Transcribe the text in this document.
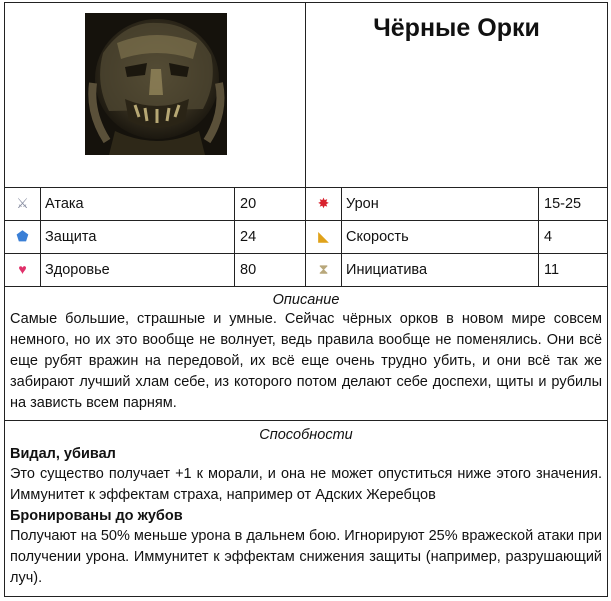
Чёрные Орки		

⚔	Атака	20	✸	Урон	15-25
⬟	Защита	24	◣	Скорость	4
♥	Здоровье	80	⧗	Инициатива	11

Описание
Самые большие, страшные и умные. Сейчас чёрных орков в новом мире совсем немного, но их это вообще не волнует, ведь правила вообще не поменялись. Они всё еще рубят вражин на передовой, их всё еще очень трудно убить, и они всё так же забирают лучший хлам себе, из которого потом делают себе доспехи, щиты и рубилы на зависть всем парням.					

Способности
Видал, убивал
Это существо получает +1 к морали, и она не может опуститься ниже этого значения. Иммунитет к эффектам страха, например от Адских Жеребцов
Бронированы до жубов
Получают на 50% меньше урона в дальнем бою. Игнорируют 25% вражеской атаки при получении урона. Иммунитет к эффектам снижения защиты (например, разрушающий луч).					
